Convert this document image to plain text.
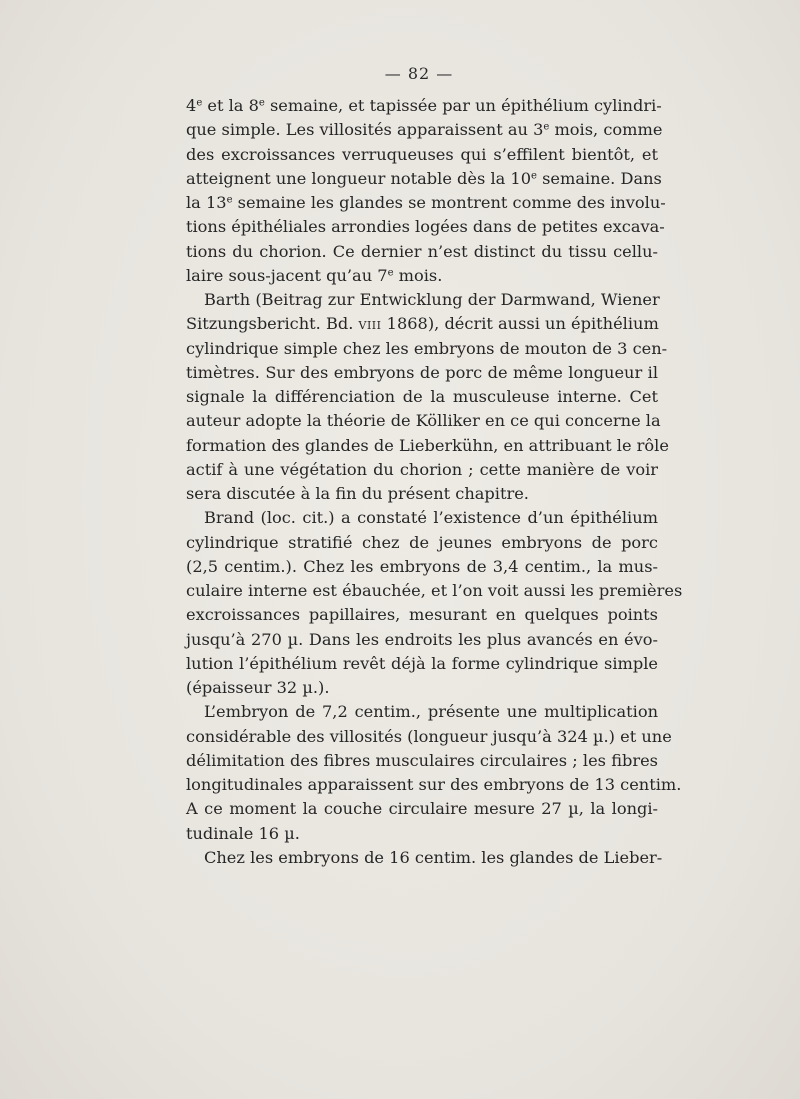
— 82 —
4e et la 8e semaine, et tapissée par un épithélium cylindri-
que simple. Les villosités apparaissent au 3e mois, comme
des excroissances verruqueuses qui s’effilent bientôt, et
atteignent une longueur notable dès la 10e semaine. Dans
la 13e semaine les glandes se montrent comme des involu-
tions épithéliales arrondies logées dans de petites excava-
tions du chorion. Ce dernier n’est distinct du tissu cellu-
laire sous-jacent qu’au 7e mois.
Barth (Beitrag zur Entwicklung der Darmwand, Wiener
Sitzungsbericht. Bd. viii 1868), décrit aussi un épithélium
cylindrique simple chez les embryons de mouton de 3 cen-
timètres. Sur des embryons de porc de même longueur il
signale la différenciation de la musculeuse interne. Cet
auteur adopte la théorie de Kölliker en ce qui concerne la
formation des glandes de Lieberkühn, en attribuant le rôle
actif à une végétation du chorion ; cette manière de voir
sera discutée à la fin du présent chapitre.
Brand (loc. cit.) a constaté l’existence d’un épithélium
cylindrique stratifié chez de jeunes embryons de porc
(2,5 centim.). Chez les embryons de 3,4 centim., la mus-
culaire interne est ébauchée, et l’on voit aussi les premières
excroissances papillaires, mesurant en quelques points
jusqu’à 270 µ. Dans les endroits les plus avancés en évo-
lution l’épithélium revêt déjà la forme cylindrique simple
(épaisseur 32 µ.).
L’embryon de 7,2 centim., présente une multiplication
considérable des villosités (longueur jusqu’à 324 µ.) et une
délimitation des fibres musculaires circulaires ; les fibres
longitudinales apparaissent sur des embryons de 13 centim.
A ce moment la couche circulaire mesure 27 µ, la longi-
tudinale 16 µ.
Chez les embryons de 16 centim. les glandes de Lieber-
